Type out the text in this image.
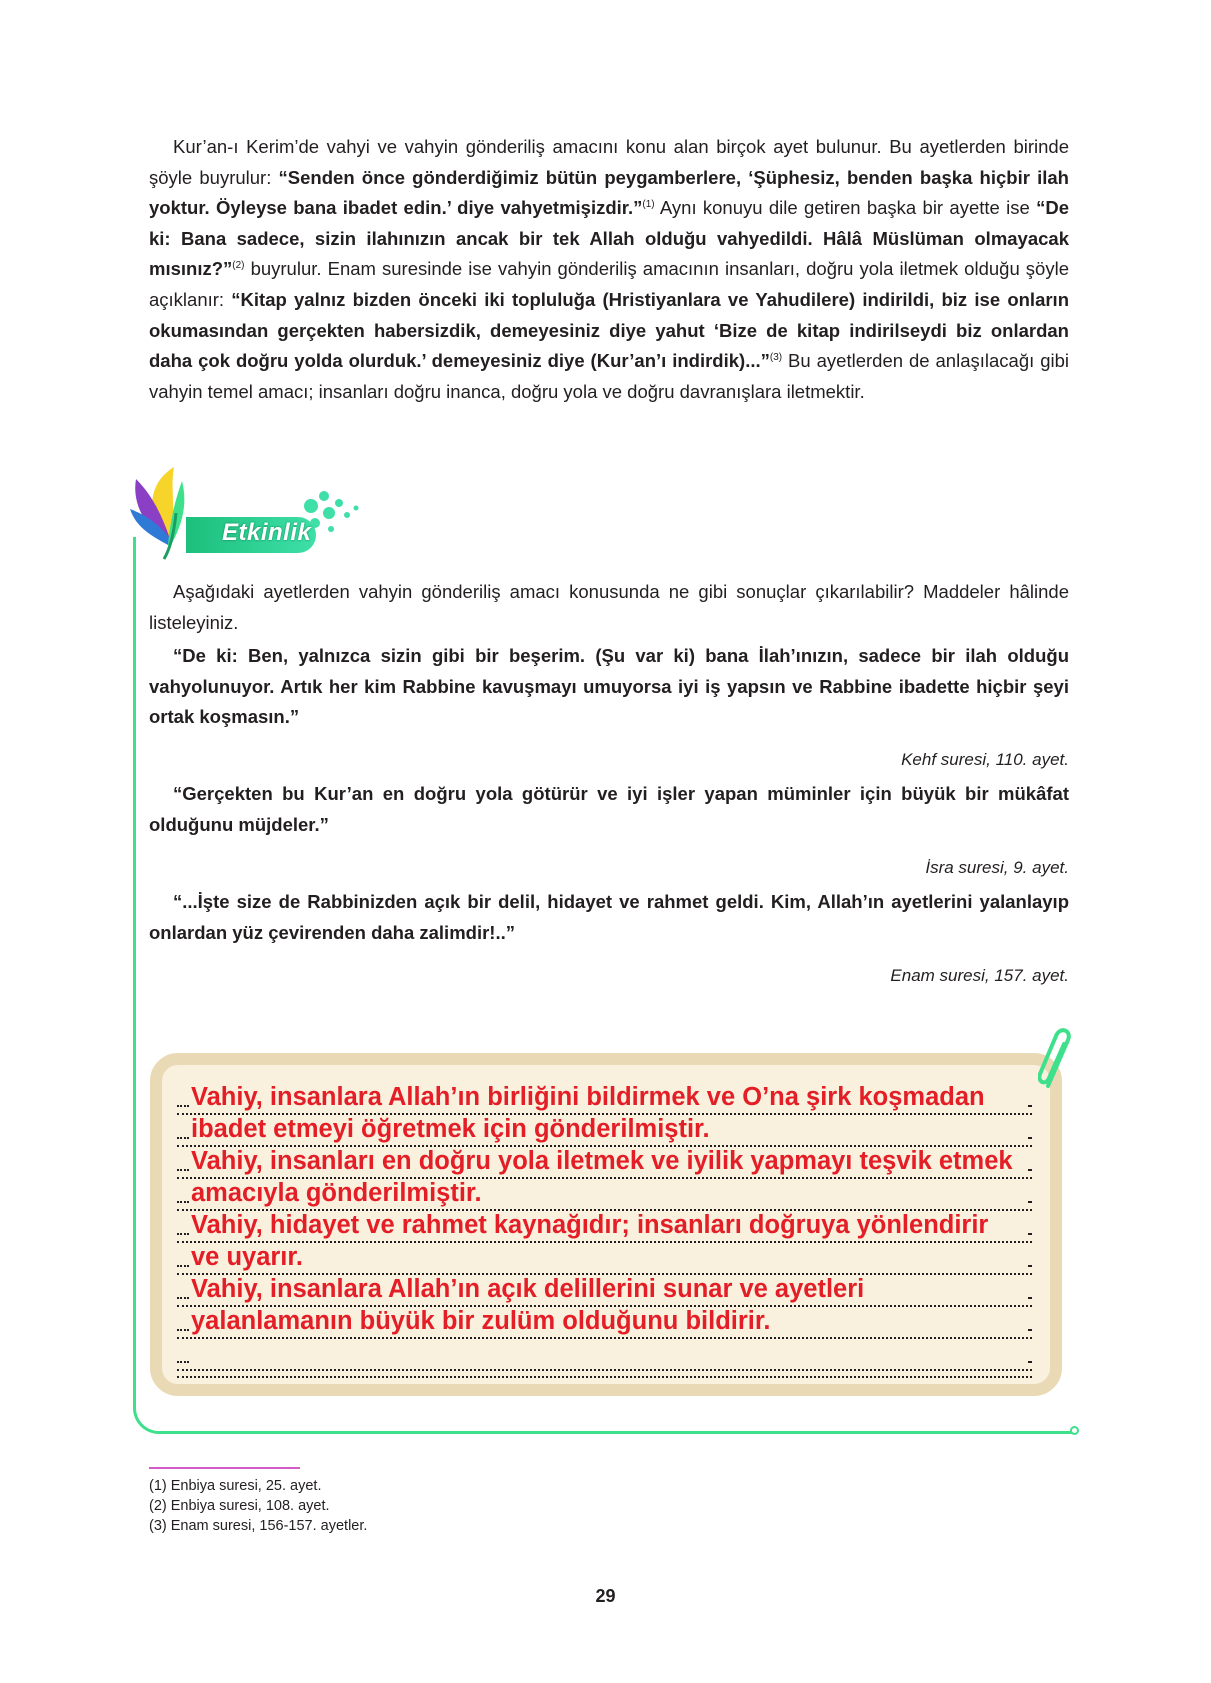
Kur’an-ı Kerim’de vahyi ve vahyin gönderiliş amacını konu alan birçok ayet bulunur. Bu ayetlerden birinde şöyle buyrulur: “Senden önce gönderdiğimiz bütün peygamberlere, ‘Şüphesiz, benden başka hiçbir ilah yoktur. Öyleyse bana ibadet edin.’ diye vahyetmişizdir.”$^{(1)}$ Aynı konuyu dile getiren başka bir ayette ise “De ki: Bana sadece, sizin ilahınızın ancak bir tek Allah olduğu vahyedildi. Hâlâ Müslüman olmayacak mısınız?”$^{(2)}$ buyrulur. Enam suresinde ise vahyin gönderiliş amacının insanları, doğru yola iletmek olduğu şöyle açıklanır: “Kitap yalnız bizden önceki iki topluluğa (Hristiyanlara ve Yahudilere) indirildi, biz ise onların okumasından gerçekten habersizdik, demeyesiniz diye yahut ‘Bize de kitap indirilseydi biz onlardan daha çok doğru yolda olurduk.’ demeyesiniz diye (Kur’an’ı indirdik)...”$^{(3)}$ Bu ayetlerden de anlaşılacağı gibi vahyin temel amacı; insanları doğru inanca, doğru yola ve doğru davranışlara iletmektir.

Etkinlik

Aşağıdaki ayetlerden vahyin gönderiliş amacı konusunda ne gibi sonuçlar çıkarılabilir? Maddeler hâlinde listeleyiniz.

“De ki: Ben, yalnızca sizin gibi bir beşerim. (Şu var ki) bana İlah’ınızın, sadece bir ilah olduğu vahyolunuyor. Artık her kim Rabbine kavuşmayı umuyorsa iyi iş yapsın ve Rabbine ibadette hiçbir şeyi ortak koşmasın.”

Kehf suresi, 110. ayet.

“Gerçekten bu Kur’an en doğru yola götürür ve iyi işler yapan müminler için büyük bir mükâfat olduğunu müjdeler.”

İsra suresi, 9. ayet.

“...İşte size de Rabbinizden açık bir delil, hidayet ve rahmet geldi. Kim, Allah’ın ayetlerini yalanlayıp onlardan yüz çevirenden daha zalimdir!..”

Enam suresi, 157. ayet.

Vahiy, insanlara Allah’ın birliğini bildirmek ve O’na şirk koşmadan

ibadet etmeyi öğretmek için gönderilmiştir.

Vahiy, insanları en doğru yola iletmek ve iyilik yapmayı teşvik etmek

amacıyla gönderilmiştir.

Vahiy, hidayet ve rahmet kaynağıdır; insanları doğruya yönlendirir

ve uyarır.

Vahiy, insanlara Allah’ın açık delillerini sunar ve ayetleri

yalanlamanın büyük bir zulüm olduğunu bildirir.

(1) Enbiya suresi, 25. ayet.

(2) Enbiya suresi, 108. ayet.

(3) Enam suresi, 156-157. ayetler.

29
